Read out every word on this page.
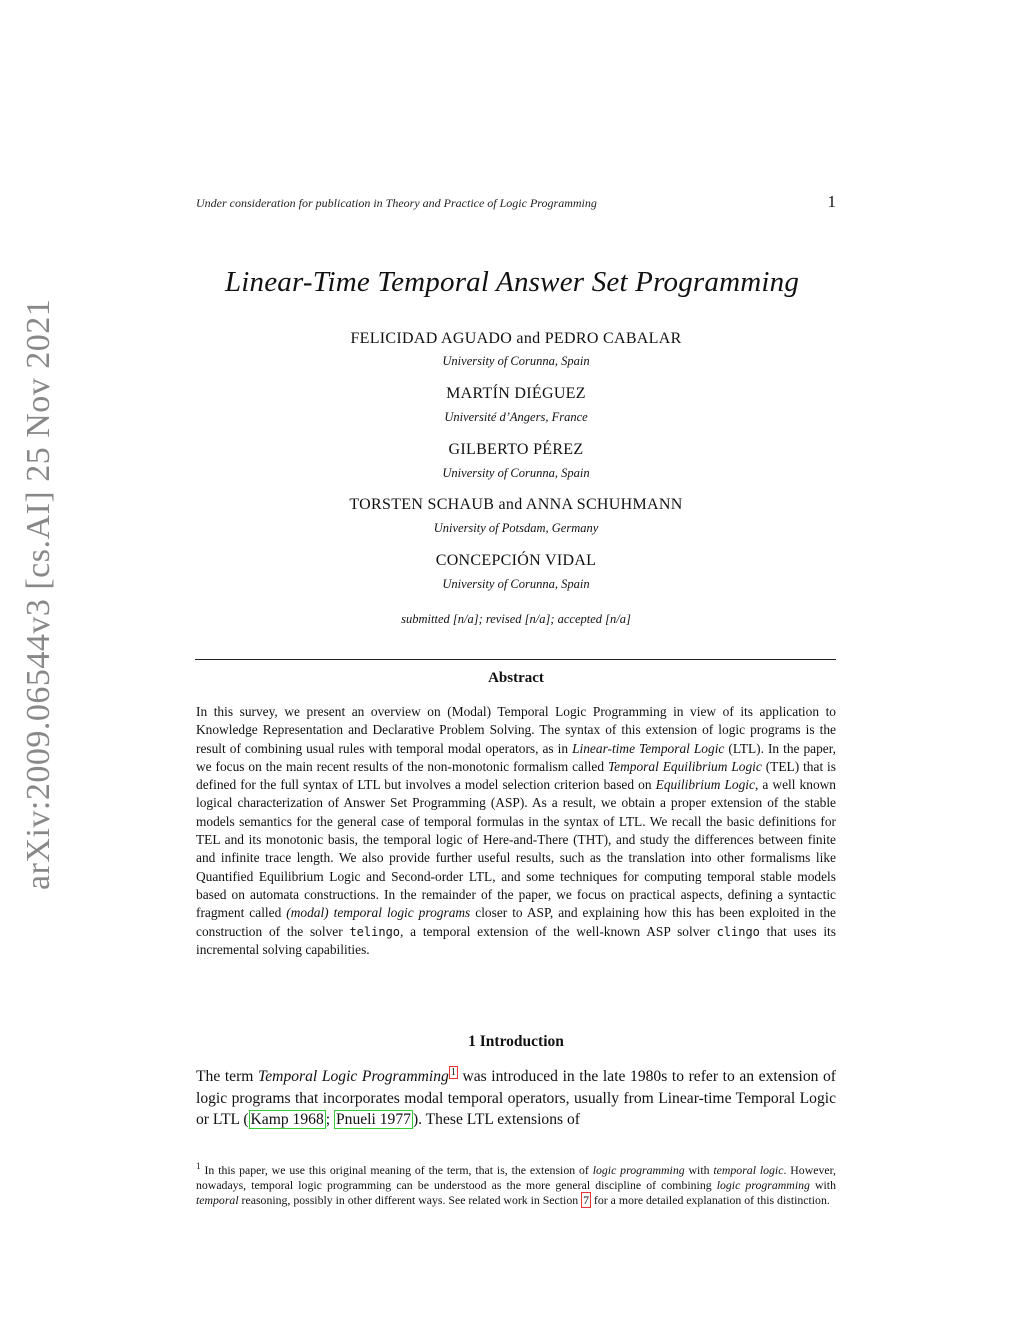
arXiv:2009.06544v3 [cs.AI] 25 Nov 2021
Under consideration for publication in Theory and Practice of Logic Programming	1
Linear-Time Temporal Answer Set Programming
FELICIDAD AGUADO and PEDRO CABALAR
University of Corunna, Spain
MARTÍN DIÉGUEZ
Université d’Angers, France
GILBERTO PÉREZ
University of Corunna, Spain
TORSTEN SCHAUB and ANNA SCHUHMANN
University of Potsdam, Germany
CONCEPCIÓN VIDAL
University of Corunna, Spain
submitted [n/a]; revised [n/a]; accepted [n/a]
Abstract

In this survey, we present an overview on (Modal) Temporal Logic Programming in view of its application to Knowledge Representation and Declarative Problem Solving. The syntax of this extension of logic programs is the result of combining usual rules with temporal modal operators, as in Linear-time Temporal Logic (LTL). In the paper, we focus on the main recent results of the non-monotonic formalism called Temporal Equilibrium Logic (TEL) that is defined for the full syntax of LTL but involves a model selection criterion based on Equilibrium Logic, a well known logical characterization of Answer Set Programming (ASP). As a result, we obtain a proper extension of the stable models semantics for the general case of temporal formulas in the syntax of LTL. We recall the basic definitions for TEL and its monotonic basis, the temporal logic of Here-and-There (THT), and study the differences between finite and infinite trace length. We also provide further useful results, such as the translation into other formalisms like Quantified Equilibrium Logic and Second-order LTL, and some techniques for computing temporal stable models based on automata constructions. In the remainder of the paper, we focus on practical aspects, defining a syntactic fragment called (modal) temporal logic programs closer to ASP, and explaining how this has been exploited in the construction of the solver telingo, a temporal extension of the well-known ASP solver clingo that uses its incremental solving capabilities.

1 Introduction

The term Temporal Logic Programming $^1$ was introduced in the late 1980s to refer to an extension of logic programs that incorporates modal temporal operators, usually from Linear-time Temporal Logic or LTL ( Kamp 1968 ; Pnueli 1977 ). These LTL extensions of

$^1$ In this paper, we use this original meaning of the term, that is, the extension of logic programming with temporal logic. However, nowadays, temporal logic programming can be understood as the more general discipline of combining logic programming with temporal reasoning, possibly in other different ways. See related work in Section 7 for a more detailed explanation of this distinction.
